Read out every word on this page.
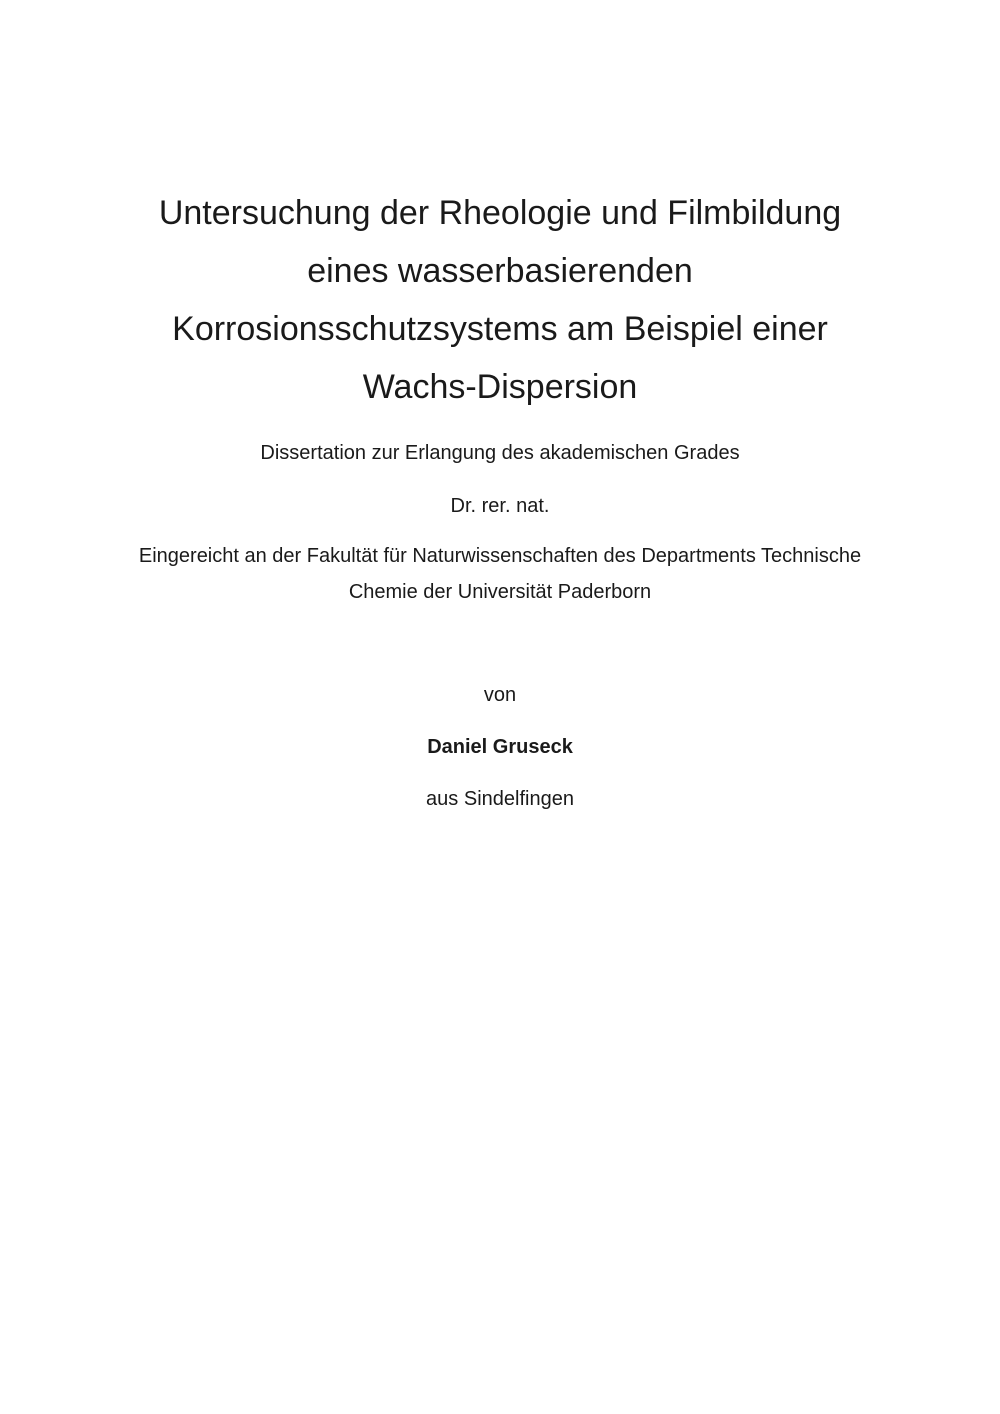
Untersuchung der Rheologie und Filmbildung
eines wasserbasierenden
Korrosionsschutzsystems am Beispiel einer
Wachs-Dispersion
Dissertation zur Erlangung des akademischen Grades
Dr. rer. nat.
Eingereicht an der Fakultät für Naturwissenschaften des Departments Technische
Chemie der Universität Paderborn
von
Daniel Gruseck
aus Sindelfingen
